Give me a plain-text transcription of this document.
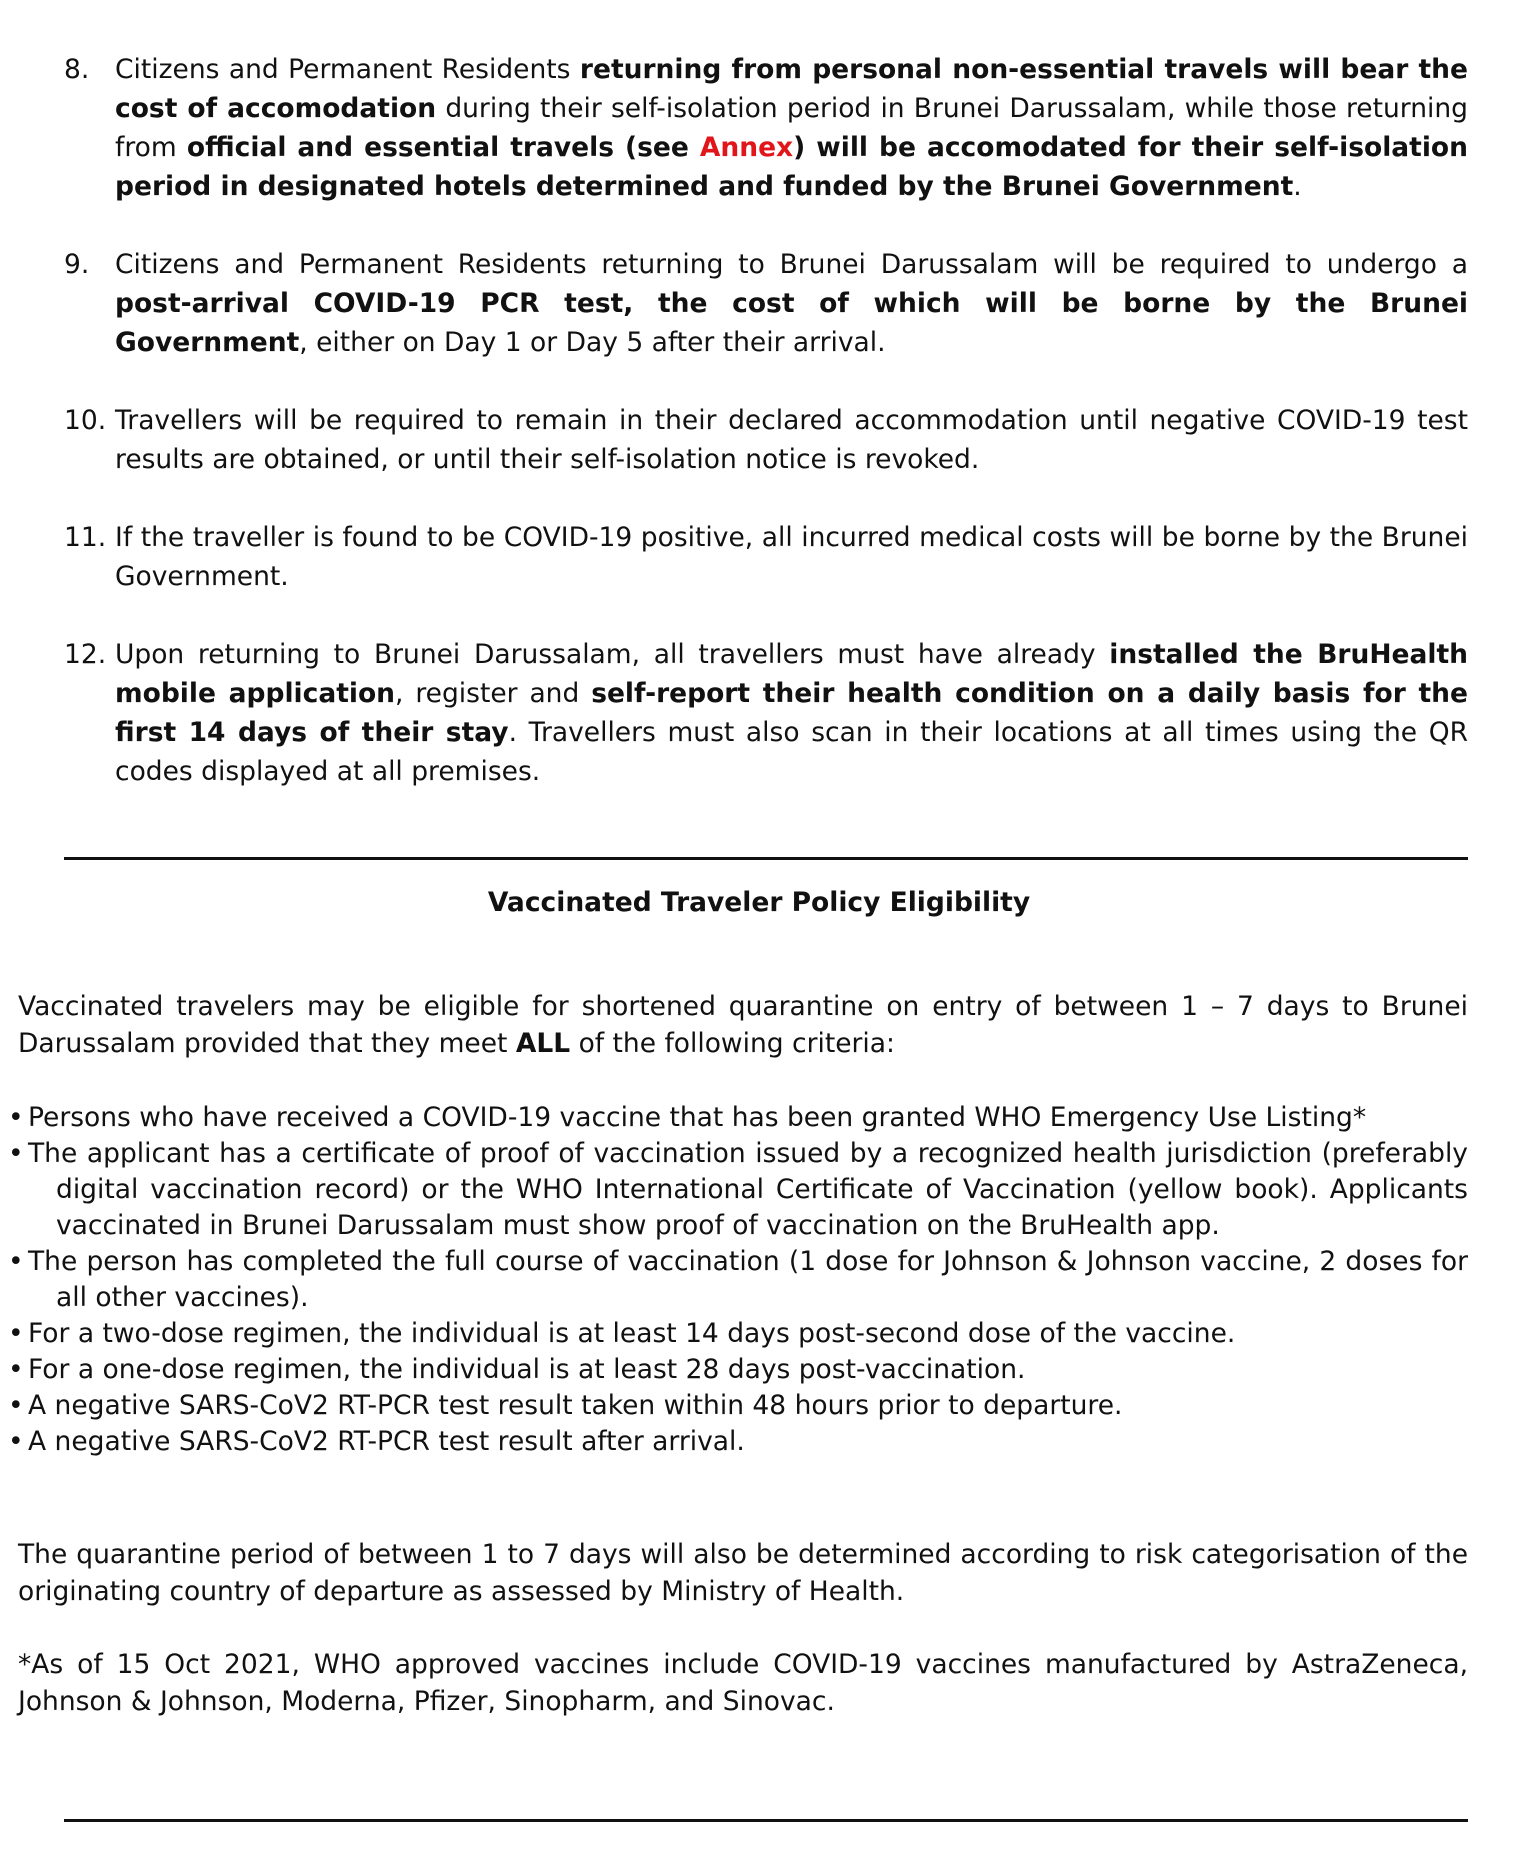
8. Citizens and Permanent Residents returning from personal non-essential travels will bear the cost of accomodation during their self-isolation period in Brunei Darussalam, while those returning from official and essential travels (see Annex) will be accomodated for their self-isolation period in designated hotels determined and funded by the Brunei Government.
9. Citizens and Permanent Residents returning to Brunei Darussalam will be required to undergo a post-arrival COVID-19 PCR test, the cost of which will be borne by the Brunei Government, either on Day 1 or Day 5 after their arrival.
10. Travellers will be required to remain in their declared accommodation until negative COVID-19 test results are obtained, or until their self-isolation notice is revoked.
11. If the traveller is found to be COVID-19 positive, all incurred medical costs will be borne by the Brunei Government.
12. Upon returning to Brunei Darussalam, all travellers must have already installed the BruHealth mobile application, register and self-report their health condition on a daily basis for the first 14 days of their stay. Travellers must also scan in their locations at all times using the QR codes displayed at all premises.
Vaccinated Traveler Policy Eligibility
Vaccinated travelers may be eligible for shortened quarantine on entry of between 1 – 7 days to Brunei Darussalam provided that they meet ALL of the following criteria:
• Persons who have received a COVID-19 vaccine that has been granted WHO Emergency Use Listing*
• The applicant has a certificate of proof of vaccination issued by a recognized health jurisdiction (preferably digital vaccination record) or the WHO International Certificate of Vaccination (yellow book). Applicants vaccinated in Brunei Darussalam must show proof of vaccination on the BruHealth app.
• The person has completed the full course of vaccination (1 dose for Johnson & Johnson vaccine, 2 doses for all other vaccines).
• For a two-dose regimen, the individual is at least 14 days post-second dose of the vaccine.
• For a one-dose regimen, the individual is at least 28 days post-vaccination.
• A negative SARS-CoV2 RT-PCR test result taken within 48 hours prior to departure.
• A negative SARS-CoV2 RT-PCR test result after arrival.
The quarantine period of between 1 to 7 days will also be determined according to risk categorisation of the originating country of departure as assessed by Ministry of Health.
*As of 15 Oct 2021, WHO approved vaccines include COVID-19 vaccines manufactured by AstraZeneca, Johnson & Johnson, Moderna, Pfizer, Sinopharm, and Sinovac.
